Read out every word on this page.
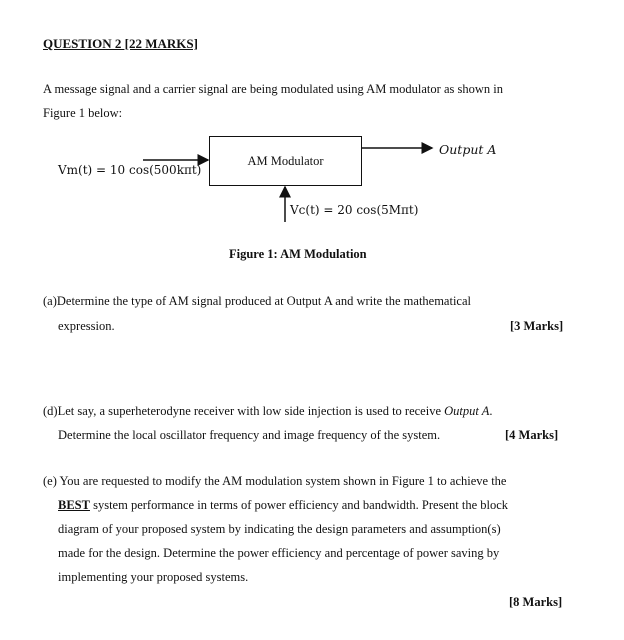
QUESTION 2 [22 MARKS]
A message signal and a carrier signal are being modulated using AM modulator as shown in
Figure 1 below:
AM Modulator
Vm(t) = 10 cos(500kπt)
Output A
Vc(t) = 20 cos(5Mπt)
Figure 1: AM Modulation
(a)Determine the type of AM signal produced at Output A and write the mathematical
expression.	[3 Marks]
(d)Let say, a superheterodyne receiver with low side injection is used to receive Output A.
Determine the local oscillator frequency and image frequency of the system.	[4 Marks]
(e) You are requested to modify the AM modulation system shown in Figure 1 to achieve the
BEST system performance in terms of power efficiency and bandwidth. Present the block
diagram of your proposed system by indicating the design parameters and assumption(s)
made for the design. Determine the power efficiency and percentage of power saving by
implementing your proposed systems.
[8 Marks]
